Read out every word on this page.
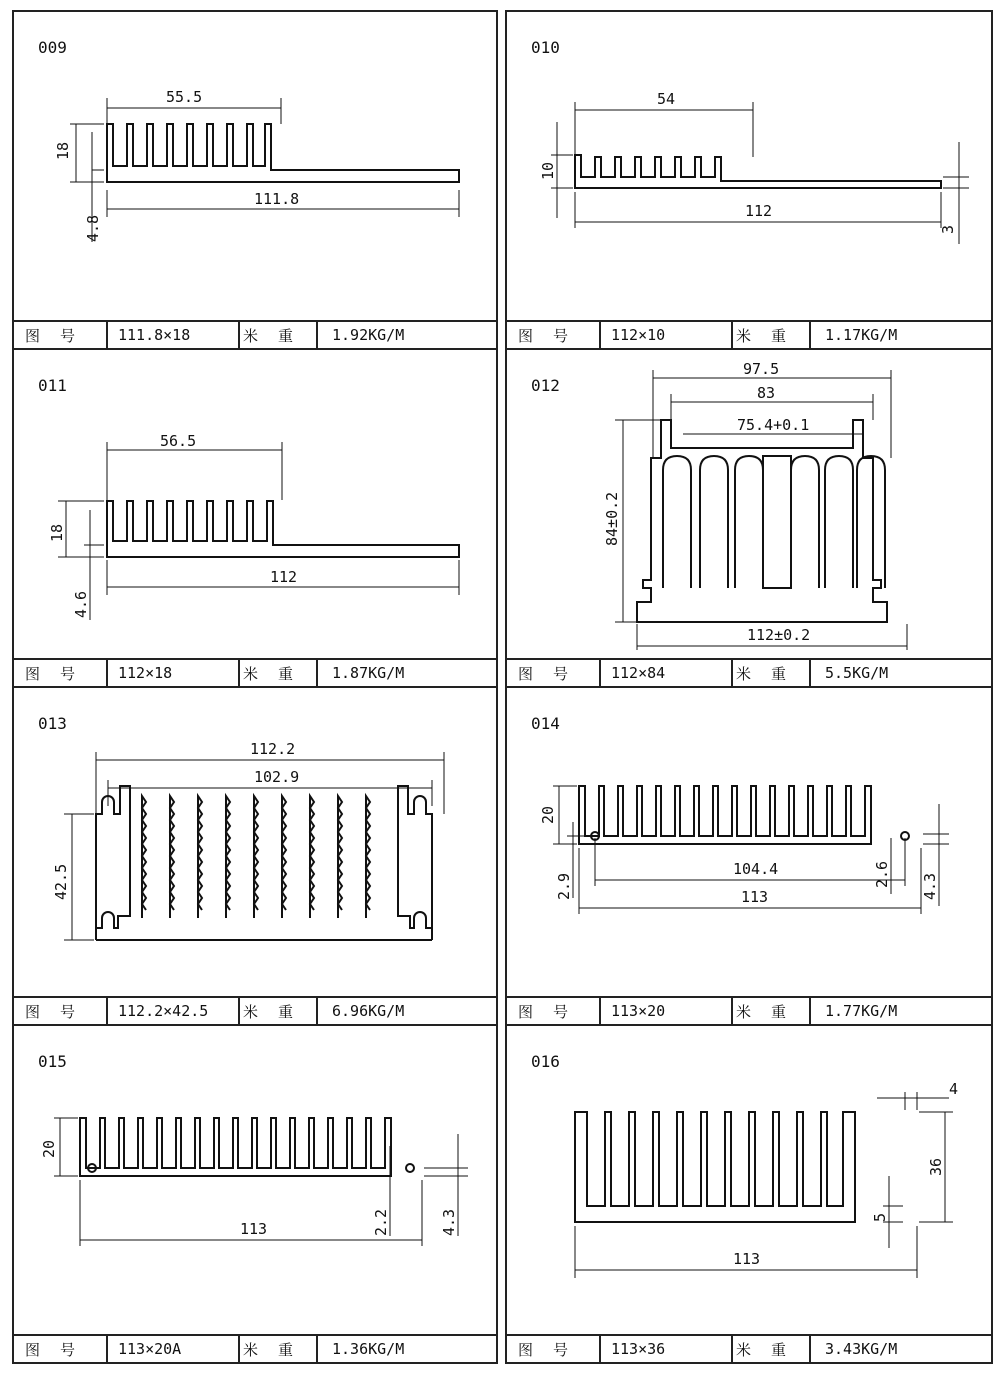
009
55.5
18
111.8
4.8
图号	111.8×18	米重	1.92KG/M
010
54
10
112
3
图号	112×10	米重	1.17KG/M
011
56.5
18
112
4.6
图号	112×18	米重	1.87KG/M
012
97.5
83
75.4+0.1
84±0.2
112±0.2
图号	112×84	米重	5.5KG/M
013
112.2
102.9
42.5
图号	112.2×42.5	米重	6.96KG/M
014
20
104.4
113
2.9	2.6 4.3
图号	113×20	米重	1.77KG/M
015
20
113	2.2	4.3
图号	113×20A	米重	1.36KG/M
016
4
36
5
113
图号	113×36	米重	3.43KG/M
